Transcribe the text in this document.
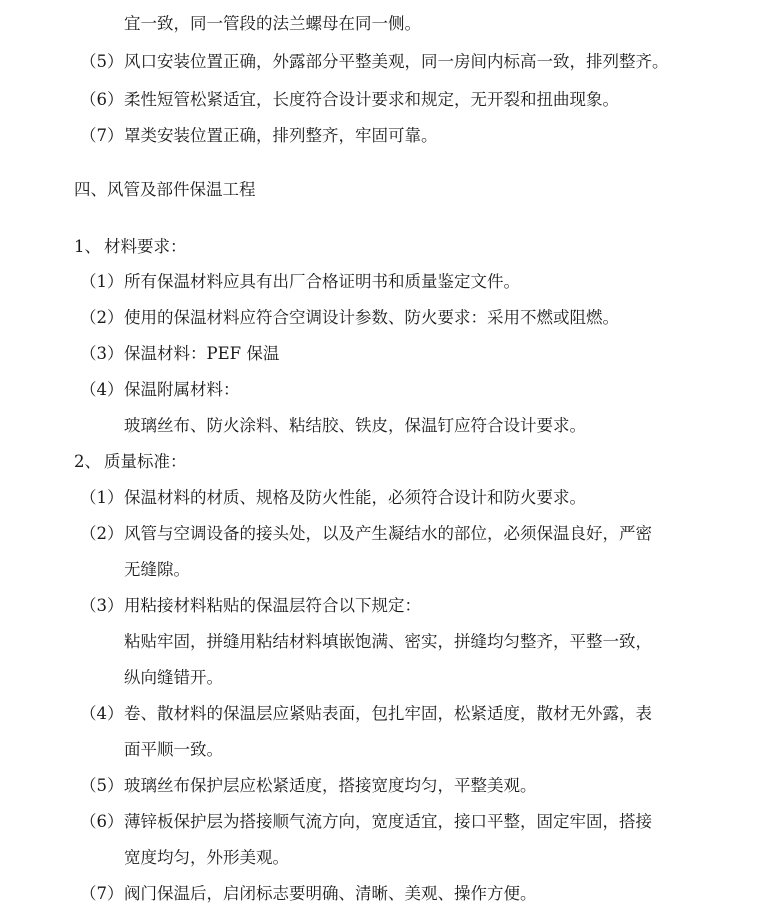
宜一致，同一管段的法兰螺母在同一侧。
（5） 风口安装位置正确，外露部分平整美观，同一房间内标高一致，排列整齐。
（6） 柔性短管松紧适宜，长度符合设计要求和规定，无开裂和扭曲现象。
（7） 罩类安装位置正确，排列整齐，牢固可靠。
四、风管及部件保温工程
1、 材料要求：
（1） 所有保温材料应具有出厂合格证明书和质量鉴定文件。
（2） 使用的保温材料应符合空调设计参数、防火要求：采用不燃或阻燃。
（3） 保温材料：PEF 保温
（4） 保温附属材料：
玻璃丝布、防火涂料、粘结胶、铁皮，保温钉应符合设计要求。
2、 质量标准：
（1） 保温材料的材质、规格及防火性能，必须符合设计和防火要求。
（2） 风管与空调设备的接头处，以及产生凝结水的部位，必须保温良好，严密
无缝隙。
（3） 用粘接材料粘贴的保温层符合以下规定：
粘贴牢固，拼缝用粘结材料填嵌饱满、密实，拼缝均匀整齐，平整一致，
纵向缝错开。
（4） 卷、散材料的保温层应紧贴表面，包扎牢固，松紧适度，散材无外露，表
面平顺一致。
（5） 玻璃丝布保护层应松紧适度，搭接宽度均匀，平整美观。
（6） 薄锌板保护层为搭接顺气流方向，宽度适宜，接口平整，固定牢固，搭接
宽度均匀，外形美观。
（7） 阀门保温后，启闭标志要明确、清晰、美观、操作方便。
